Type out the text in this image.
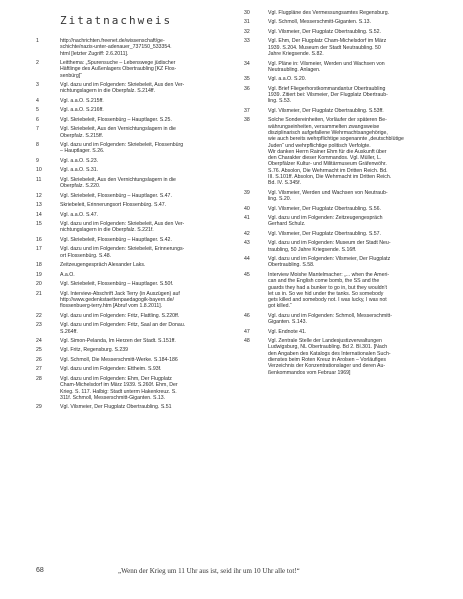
Zitatnachweis
1	http://nachrichten.freenet.de/wissenschaft/ge-
schichte/nazis-unter-adenauer_737150_533354.
html [letzter Zugriff: 2.6.2011].
2	Leitthema: „Spurensuche – Lebenswege jüdischer
Häftlinge des Außenlagers Obertraubling [KZ Flos-
senbürg]“
3	Vgl. dazu und im Folgenden: Skriebeleit, Aus den Ver-
nichtungslagern in die Oberpfalz. S.214ff.
4	Vgl. a.a.O. S.215ff.
5	Vgl. a.a.O. S.216ff.
6	Vgl. Skriebeleit, Flossenbürg – Hauptlager. S.25.
7	Vgl. Skriebeleit, Aus den Vernichtungslagern in die
Oberpfalz. S.215ff.
8	Vgl. dazu und im Folgenden: Skriebeleit, Flossenbürg
– Hauptlager. S.26.
9	Vgl. a.a.O. S.23.
10	Vgl. a.a.O. S.31.
11	Vgl. Skriebeleit, Aus den Vernichtungslagern in die
Oberpfalz. S.220.
12	Vgl. Skriebeleit, Flossenbürg – Hauptlager. S.47.
13	Skriebeleit, Erinnerungsort Flossenbürg. S.47.
14	Vgl. a.a.O. S.47.
15	Vgl. dazu und im Folgenden: Skriebeleit, Aus den Ver-
nichtungslagern in die Oberpfalz. S.221f.
16	Vgl. Skriebeleit, Flossenbürg – Hauptlager. S.42.
17	Vgl. dazu und im Folgenden: Skriebeleit, Erinnerungs-
ort Flossenbürg. S.48.
18	Zeitzeugengespräch Alexander Laks.
19	A.a.O.
20	Vgl. Skriebeleit, Flossenbürg – Hauptlager. S.50f.
21	Vgl. Interview-Abschrift Jack Terry (in Auszügen) auf
http://www.gedenkstaettenpaedagogik-bayern.de/
flossenbuerg-terry.htm [Abruf vom 1.8.2011].
22	Vgl. dazu und im Folgenden: Fritz, Flattling. S.220ff.
23	Vgl. dazu und im Folgenden: Fritz, Saal an der Donau.
S.264ff.
24	Vgl. Simon-Pelanda, Im Herzen der Stadt. S.151ff.
25	Vgl. Fritz, Regensburg. S.239
26	Vgl. Schmoll, Die Messerschmitt-Werke. S.184-186
27	Vgl. dazu und im Folgenden: Ettheim. S.93f.
28	Vgl. dazu und im Folgenden: Ehm, Der Flugplatz
Cham-Michelsdorf im März 1939. S.260f. Ehm, Der
Krieg. S. 117. Halbig: Stadt unterm Hakenkreuz. S.
311f. Schmoll, Messerschmitt-Giganten. S.13.
29	Vgl. Vilsmeier, Der Flugplatz Obertraubling. S.51
30	Vgl. Flugpläne des Vermessungsamtes Regensburg.
31	Vgl. Schmoll, Messerschmitt-Giganten. S.13.
32	Vgl. Vilsmeier, Der Flugplatz Obertraubling. S.52.
33	Vgl. Ehm, Der Flugplatz Cham-Michelsdorf im März
1939. S.204. Museum der Stadt Neutraubling. 50
Jahre Kriegsende. S.82.
34	Vgl. Pläne in: Vilsmeier, Werden und Wachsen von
Neutraubling. Anlagen.
35	Vgl. a.a.O. S.20.
36	Vgl. Brief Fliegerhorstkommandantur Obertraubling
1939. Zitiert bei: Vilsmeier, Der Flugplatz Obertraub-
ling. S.53.
37	Vgl. Vilsmeier, Der Flugplatz Obertraubling. S.53ff.
38	Solche Sondereinheiten, Vorläufer der späteren Be-
währungseinheiten, versammelten zwangsweise
disziplinarisch aufgefallene Wehrmachtsangehörige,
wie auch bereits wehrpflichtige sogenannte „deutschblütige
Juden“ und wehrpflichtige politisch Verfolgte.
Wir danken Herrn Rainer Ehm für die Auskunft über
den Charakter dieser Kommandos. Vgl. Müller, L.
Oberpfälzer Kultur- und Militärmuseum Gräfenwöhr.
S.76. Absolon, Die Wehrmacht im Dritten Reich. Bd.
III. S.101ff. Absolon, Die Wehrmacht im Dritten Reich.
Bd. IV. S.345f.
39	Vgl. Vilsmeier, Werden und Wachsen von Neutraub-
ling. S.20.
40	Vgl. Vilsmeier, Der Flugplatz Obertraubling. S.56.
41	Vgl. dazu und im Folgenden: Zeitzeugengespräch
Gerhard Schulz.
42	Vgl. Vilsmeier, Der Flugplatz Obertraubling. S.57.
43	Vgl. dazu und im Folgenden: Museum der Stadt Neu-
traubling, 50 Jahre Kriegsende. S.16ff.
44	Vgl. dazu und im Folgenden: Vilsmeier, Der Flugplatz
Obertraubling. S.58.
45	Interview Moishe Mantelmacher: „... when the Ameri-
can and the English come bomb, the SS and the
guards they had a bunker to go in, but they wouldn't
let us in. So we hid under the tanks. So somebody
gets killed and somebody not. I was lucky, I was not
got killed.“
46	Vgl. dazu und im Folgenden: Schmoll, Messerschmitt-
Giganten. S.143.
47	Vgl. Endnote 41.
48	Vgl. Zentrale Stelle der Landesjustizverwaltungen
Ludwigsburg, NL Obertraubling. Bd 2. Bl.301. [Nach
den Angaben des Katalogs des Internationalen Such-
dienstes beim Roten Kreuz in Arolsen – Vorläufiges
Verzeichnis der Konzentrationslager und deren Au-
ßenkommandos vom Februar 1969]
68	„Wenn der Krieg um 11 Uhr aus ist, seid ihr um 10 Uhr alle tot!“
